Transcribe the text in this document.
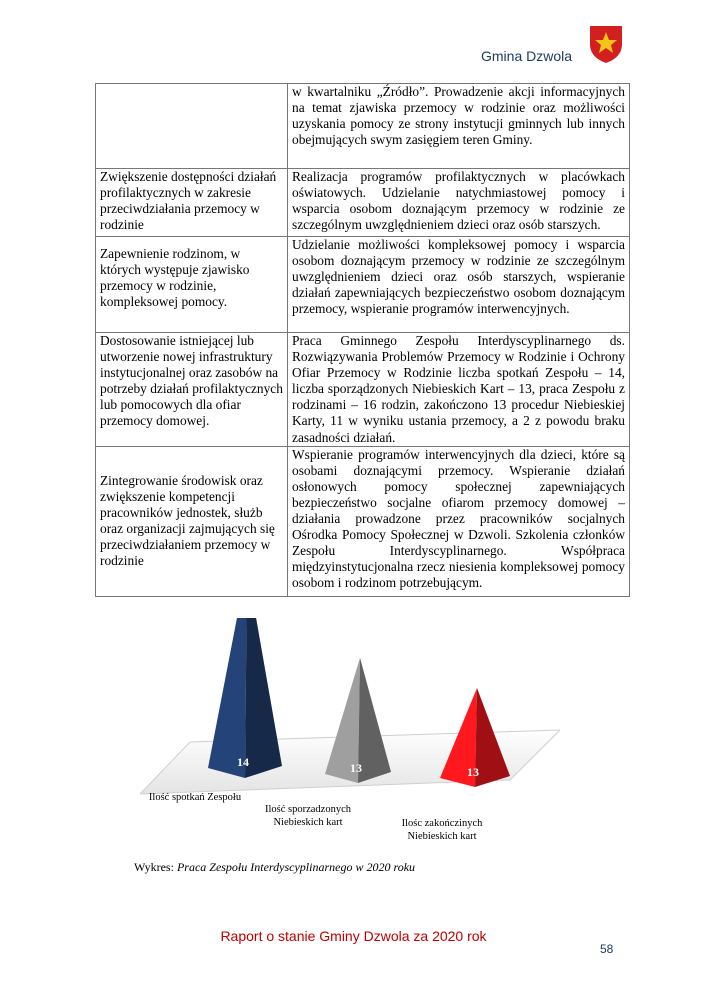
Gmina Dzwola
	w kwartalniku „Źródło”. Prowadzenie akcji informacyjnych na temat zjawiska przemocy w rodzinie oraz możliwości uzyskania pomocy ze strony instytucji gminnych lub innych obejmujących swym zasięgiem teren Gminy.
Zwiększenie dostępności działań profilaktycznych w zakresie przeciwdziałania przemocy w rodzinie	Realizacja programów profilaktycznych w placówkach oświatowych. Udzielanie natychmiastowej pomocy i wsparcia osobom doznającym przemocy w rodzinie ze szczególnym uwzględnieniem dzieci oraz osób starszych.
Zapewnienie rodzinom, w których występuje zjawisko przemocy w rodzinie, kompleksowej pomocy.	Udzielanie możliwości kompleksowej pomocy i wsparcia osobom doznającym przemocy w rodzinie ze szczególnym uwzględnieniem dzieci oraz osób starszych, wspieranie działań zapewniających bezpieczeństwo osobom doznającym przemocy, wspieranie programów interwencyjnych.
Dostosowanie istniejącej lub utworzenie nowej infrastruktury instytucjonalnej oraz zasobów na potrzeby działań profilaktycznych lub pomocowych dla ofiar przemocy domowej.	Praca Gminnego Zespołu Interdyscyplinarnego ds. Rozwiązywania Problemów Przemocy w Rodzinie i Ochrony Ofiar Przemocy w Rodzinie liczba spotkań Zespołu – 14, liczba sporządzonych Niebieskich Kart – 13, praca Zespołu z rodzinami – 16 rodzin, zakończono 13 procedur Niebieskiej Karty, 11 w wyniku ustania przemocy, a 2 z powodu braku zasadności działań.
Zintegrowanie środowisk oraz zwiększenie kompetencji pracowników jednostek, służb oraz organizacji zajmujących się przeciwdziałaniem przemocy w rodzinie	Wspieranie programów interwencyjnych dla dzieci, które są osobami doznającymi przemocy. Wspieranie działań osłonowych pomocy społecznej zapewniających bezpieczeństwo socjalne ofiarom przemocy domowej – działania prowadzone przez pracowników socjalnych Ośrodka Pomocy Społecznej w Dzwoli. Szkolenia członków Zespołu Interdyscyplinarnego. Współpraca międzyinstytucjonalna rzecz niesienia kompleksowej pomocy osobom i rodzinom potrzebującym.
14	13	13
Ilość spotkań Zespołu
Ilość sporzadzonych Niebieskich kart	Ilośc zakończinych Niebieskich kart
Wykres: Praca Zespołu Interdyscyplinarnego w 2020 roku
Raport o stanie Gminy Dzwola za 2020 rok
58
